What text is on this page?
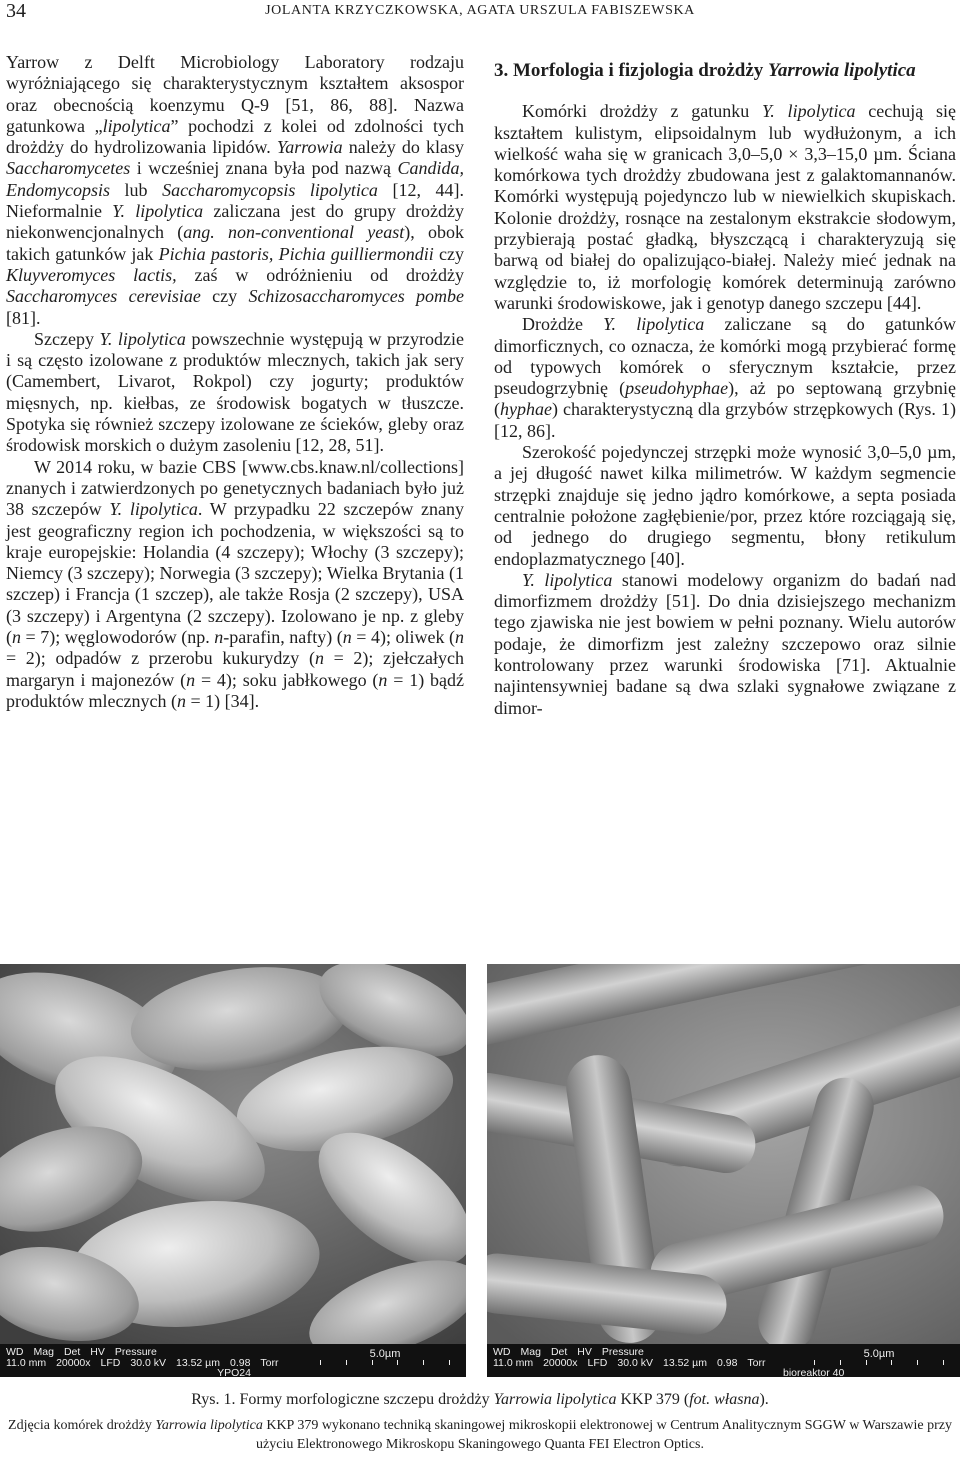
34	JOLANTA KRZYCZKOWSKA, AGATA URSZULA FABISZEWSKA

Yarrow z Delft Microbiology Laboratory rodzaju wyróżniającego się charakterystycznym kształtem aksospor oraz obecnością koenzymu Q-9 [51, 86, 88]. Nazwa gatunkowa „lipolytica” pochodzi z kolei od zdolności tych drożdży do hydrolizowania lipidów. Yarrowia należy do klasy Saccharomycetes i wcześniej znana była pod nazwą Candida, Endomycopsis lub Saccharomycopsis lipolytica [12, 44]. Nieformalnie Y. lipolytica zaliczana jest do grupy drożdży niekonwencjonalnych (ang. non-conventional yeast), obok takich gatunków jak Pichia pastoris, Pichia guilliermondii czy Kluyveromyces lactis, zaś w odróżnieniu od drożdży Saccharomyces cerevisiae czy Schizosaccharomyces pombe [81].

Szczepy Y. lipolytica powszechnie występują w przyrodzie i są często izolowane z produktów mlecznych, takich jak sery (Camembert, Livarot, Rokpol) czy jogurty; produktów mięsnych, np. kiełbas, ze środowisk bogatych w tłuszcze. Spotyka się również szczepy izolowane ze ścieków, gleby oraz środowisk morskich o dużym zasoleniu [12, 28, 51].

W 2014 roku, w bazie CBS [www.cbs.knaw.nl/collections] znanych i zatwierdzonych po genetycznych badaniach było już 38 szczepów Y. lipolytica. W przypadku 22 szczepów znany jest geograficzny region ich pochodzenia, w większości są to kraje europejskie: Holandia (4 szczepy); Włochy (3 szczepy); Niemcy (3 szczepy); Norwegia (3 szczepy); Wielka Brytania (1 szczep) i Francja (1 szczep), ale także Rosja (2 szczepy), USA (3 szczepy) i Argentyna (2 szczepy). Izolowano je np. z gleby (n = 7); węglowodorów (np. n-parafin, nafty) (n = 4); oliwek (n = 2); odpadów z przerobu kukurydzy (n = 2); zjełczałych margaryn i majonezów (n = 4); soku jabłkowego (n = 1) bądź produktów mlecznych (n = 1) [34].

3. Morfologia i fizjologia drożdży Yarrowia lipolytica

Komórki drożdży z gatunku Y. lipolytica cechują się kształtem kulistym, elipsoidalnym lub wydłużonym, a ich wielkość waha się w granicach 3,0–5,0 × 3,3–15,0 µm. Ściana komórkowa tych drożdży zbudowana jest z galaktomannanów. Komórki występują pojedynczo lub w niewielkich skupiskach. Kolonie drożdży, rosnące na zestalonym ekstrakcie słodowym, przybierają postać gładką, błyszczącą i charakteryzują się barwą od białej do opalizująco-białej. Należy mieć jednak na względzie to, iż morfologię komórek determinują zarówno warunki środowiskowe, jak i genotyp danego szczepu [44].

Drożdże Y. lipolytica zaliczane są do gatunków dimorficznych, co oznacza, że komórki mogą przybierać formę od typowych komórek o sferycznym kształcie, przez pseudogrzybnię (pseudohyphae), aż po septowaną grzybnię (hyphae) charakterystyczną dla grzybów strzępkowych (Rys. 1) [12, 86].

Szerokość pojedynczej strzępki może wynosić 3,0–5,0 µm, a jej długość nawet kilka milimetrów. W każdym segmencie strzępki znajduje się jedno jądro komórkowe, a septa posiada centralnie położone zagłębienie/por, przez które rozciągają się, od jednego do drugiego segmentu, błony retikulum endoplazmatycznego [40].

Y. lipolytica stanowi modelowy organizm do badań nad dimorfizmem drożdży [51]. Do dnia dzisiejszego mechanizm tego zjawiska nie jest bowiem w pełni poznany. Wielu autorów podaje, że dimorfizm jest zależny szczepowo oraz silnie kontrolowany przez warunki środowiska [71]. Aktualnie najintensywniej badane są dwa szlaki sygnałowe związane z dimor-

WD Mag Det HV Pressure
11.0 mm 20000x LFD 30.0 kV 13.52 µm 0.98 Torr
YPO24
5.0µm	WD Mag Det HV Pressure
11.0 mm 20000x LFD 30.0 kV 13.52 µm 0.98 Torr
bioreaktor 40
5.0µm
Rys. 1. Formy morfologiczne szczepu drożdży Yarrowia lipolytica KKP 379 (fot. własna).
Zdjęcia komórek drożdży Yarrowia lipolytica KKP 379 wykonano techniką skaningowej mikroskopii elektronowej w Centrum Analitycznym SGGW w Warszawie przy użyciu Elektronowego Mikroskopu Skaningowego Quanta FEI Electron Optics.
